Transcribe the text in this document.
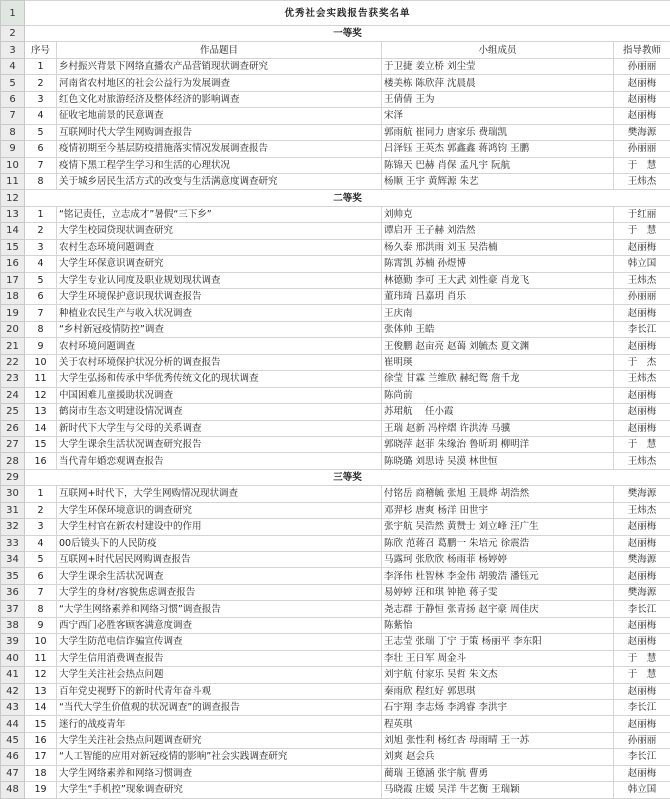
1	优秀社会实践报告获奖名单			
2	一等奖			
3	序号	作品题目	小组成员	指导教师
4	1	乡村振兴背景下网络直播农产品营销现状调查研究	于卫捷 姜立桥 刘尘莹	孙丽丽
5	2	河南省农村地区的社会公益行为发展调查	楼美栋 陈欣萍 沈晨晨	赵丽梅
6	3	红色文化对旅游经济及整体经济的影响调查	王倩倩 王为	赵丽梅
7	4	征收宅地前景的民意调查	宋泽	赵丽梅
8	5	互联网时代大学生网购调查报告	郭雨航 崔同力 唐家乐 费瑞凯	樊海源
9	6	疫情初期至今基层防疫措施落实情况发展调查报告	吕泽钰 王英杰 郭鑫鑫 蒋鸿钧 王鹏	孙丽丽
10	7	疫情下黑工程学生学习和生活的心理状况	陈锦天 巴赫 肖保 孟凡宇 阮航	于　慧
11	8	关于城乡居民生活方式的改变与生活满意度调查研究	杨顺 王宇 黄辉源 朱艺	王炜杰
12	二等奖			
13	1	“铭记责任，立志成才”暑假“三下乡”	刘帅克	于红丽
14	2	大学生校园贷现状调查研究	谭启开 王子赫 刘浩然	于　慧
15	3	农村生态环境问题调查	杨久泰 邢洪雨 刘玉 吴浩楠	赵丽梅
16	4	大学生环保意识调查研究	陈霄凯 苏楠 孙煜博	韩立国
17	5	大学生专业认同度及职业规划现状调查	林德勤 李可 王大武 刘性豪 肖龙飞	王炜杰
18	6	大学生环境保护意识现状调查报告	董玮琦 吕嘉玥 肖乐	孙丽丽
19	7	种植业农民生产与收入状况调查	王庆南	赵丽梅
20	8	“乡村新冠疫情防控”调查	张体帅 王皓	李长江
21	9	农村环境问题调查	王俊鹏 赵亩亮 赵蔼 刘毓杰 夏文渊	赵丽梅
22	10	关于农村环境保护状况分析的调查报告	崔明瑛	于　杰
23	11	大学生弘扬和传承中华优秀传统文化的现状调查	徐莹 甘霖 兰维欣 赫纪鸳 詹千龙	王炜杰
24	12	中国困难儿童援助状况调查	陈尚前	赵丽梅
25	13	鹤岗市生态文明建设情况调查	苏珺航　 任小霞	赵丽梅
26	14	新时代下大学生与父母的关系调查	王瑞 赵新 冯梓熠 许洪涛 马骥	赵丽梅
27	15	大学生课余生活状况调查研究报告	郭晓萍 赵菲 朱缘治 鲁昕玥 柳明洋	于　慧
28	16	当代青年婚恋观调查报告	陈晓璐 刘思诗 吴漠 林世恒	王炜杰
29	三等奖			
30	1	互联网+时代下，大学生网购情况现状调查	付铭岳 商稽毓 张旭 王晨烨 胡浩然	樊海源
31	2	大学生环保环境意识的调查研究	邓羿杉 唐爽 杨洋 田世宇	王炜杰
32	3	大学生村官在新农村建设中的作用	张宇航 吴浩然 黄赞士 刘立峰 汪广生	赵丽梅
33	4	00后镜头下的人民防疫	陈欣 范蒋召 葛鹏一 朱培元 徐震浩	赵丽梅
34	5	互联网+时代居民网购调查报告	马露珂 张欣欣 杨雨菲 杨婷婷	樊海源
35	6	大学生课余生活状况调查	李泽伟 杜智林 李金伟 胡骏浩 潘钰元	赵丽梅
36	7	大学生的身材/容貌焦虑调查报告	易婷婷 汪和琪 钟艳 蒋子雯	樊海源
37	8	“大学生网络素养和网络习惯”调查报告	尧志群 于静恒 张青扬 赵宇豪 周佳庆	李长江
38	9	西宁西门必胜客顾客满意度调查	陈紫怡	赵丽梅
39	10	大学生防范电信诈骗宣传调查	王志莹 张瑞 丁宁 于策 杨丽平 李东阳	赵丽梅
40	11	大学生信用消费调查报告	李壮 王日军 周金斗	于　慧
41	12	大学生关注社会热点问题	刘宇航 付家乐 吴哲 朱文杰	于　慧
42	13	百年党史视野下的新时代青年奋斗观	秦雨欣 程红好 郭思琪	赵丽梅
43	14	“当代大学生价值观的状况调查”的调查报告	石宇翔 李志炀 李鸿睿 李洪宇	李长江
44	15	迷行的战疫青年	程英琪	赵丽梅
45	16	大学生关注社会热点问题调查研究	刘旭 张性利 杨红杏 母雨晴 王一苏	孙丽丽
46	17	“人工智能的应用对新冠疫情的影响”社会实践调查研究	刘爽 赵会兵	李长江
47	18	大学生网络素养和网络习惯调查	蔺瑞 王德涵 张宇航 曹勇	赵丽梅
48	19	大学生“手机控”现象调查研究	马晓霞 庄媛 吴洋 牛艺衡 王瑞颖	韩立国
